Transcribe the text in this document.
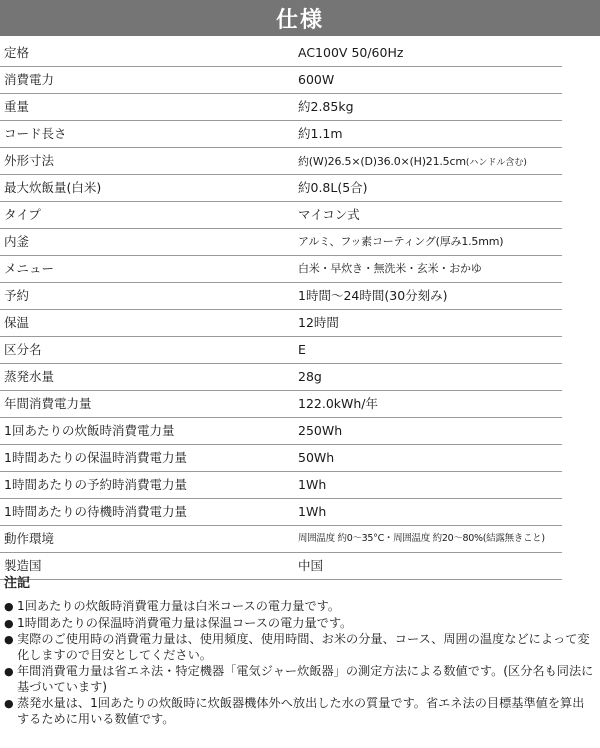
仕様
定格	AC100V 50/60Hz
消費電力	600W
重量	約2.85kg
コード長さ	約1.1m
外形寸法	約(W)26.5×(D)36.0×(H)21.5cm(ハンドル含む)
最大炊飯量(白米)	約0.8L(5合)
タイプ	マイコン式
内釜	アルミ、フッ素コーティング(厚み1.5mm)
メニュー	白米・早炊き・無洗米・玄米・おかゆ
予約	1時間〜24時間(30分刻み)
保温	12時間
区分名	E
蒸発水量	28g
年間消費電力量	122.0kWh/年
1回あたりの炊飯時消費電力量	250Wh
1時間あたりの保温時消費電力量	50Wh
1時間あたりの予約時消費電力量	1Wh
1時間あたりの待機時消費電力量	1Wh
動作環境	周囲温度 約0〜35°C・周囲温度 約20〜80%(結露無きこと)
製造国	中国
注記
● 1回あたりの炊飯時消費電力量は白米コースの電力量です。
● 1時間あたりの保温時消費電力量は保温コースの電力量です。
● 実際のご使用時の消費電力量は、使用頻度、使用時間、お米の分量、コース、周囲の温度などによって変化しますので目安としてください。
● 年間消費電力量は省エネ法・特定機器「電気ジャー炊飯器」の測定方法による数値です。(区分名も同法に基づいています)
● 蒸発水量は、1回あたりの炊飯時に炊飯器機体外へ放出した水の質量です。省エネ法の目標基準値を算出するために用いる数値です。
